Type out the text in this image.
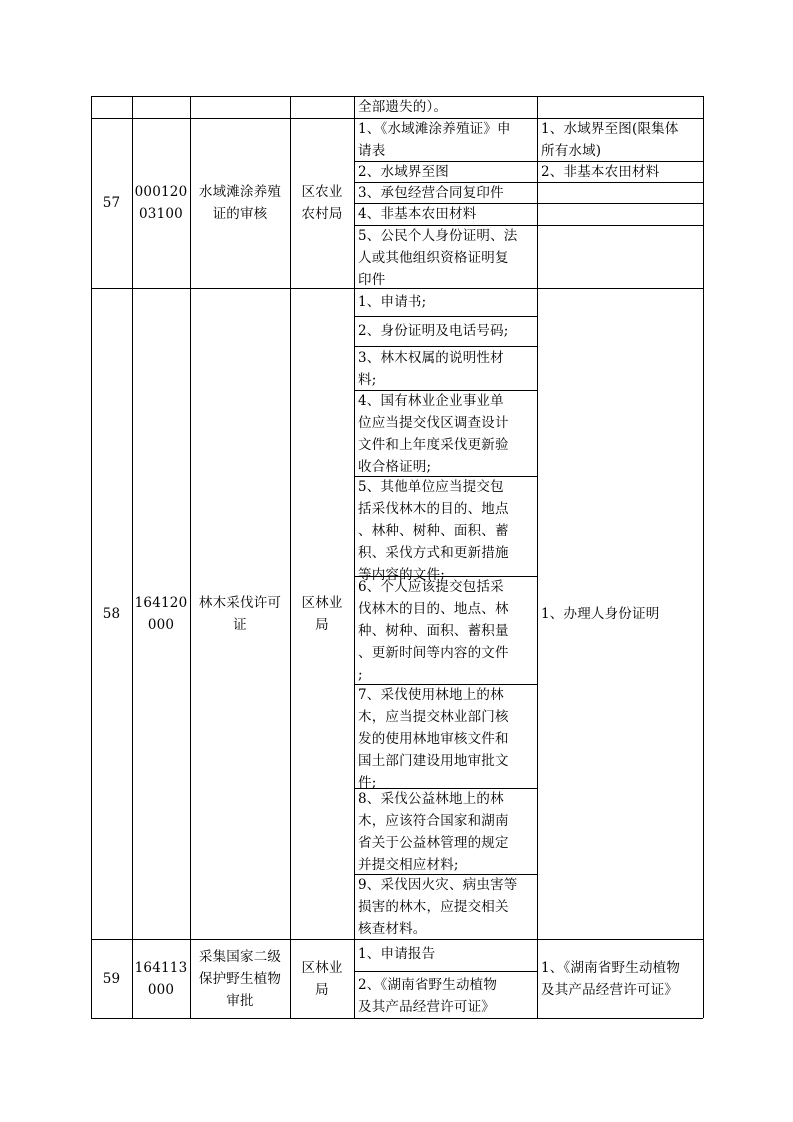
全部遗失的）。
57
000120
03100
水域滩涂养殖
证的审核
区农业
农村局
1、《水域滩涂养殖证》申
请表
2、水域界至图
3、承包经营合同复印件
4、非基本农田材料
5、公民个人身份证明、法
人或其他组织资格证明复
印件
1、水域界至图(限集体
所有水域)
2、非基本农田材料
58
164120
000
林木采伐许可
证
区林业
局
1、申请书;
2、身份证明及电话号码;
3、林木权属的说明性材
料;
4、国有林业企业事业单
位应当提交伐区调查设计
文件和上年度采伐更新验
收合格证明;
5、其他单位应当提交包
括采伐林木的目的、地点
、林种、树种、面积、蓄
积、采伐方式和更新措施
等内容的文件;
6、个人应该提交包括采
伐林木的目的、地点、林
种、树种、面积、蓄积量
、更新时间等内容的文件
;
7、采伐使用林地上的林
木，应当提交林业部门核
发的使用林地审核文件和
国土部门建设用地审批文
件;
8、采伐公益林地上的林
木，应该符合国家和湖南
省关于公益林管理的规定
并提交相应材料;
9、采伐因火灾、病虫害等
损害的林木，应提交相关
核查材料。
1、办理人身份证明
59
164113
000
采集国家二级
保护野生植物
审批
区林业
局
1、申请报告
2、《湖南省野生动植物
及其产品经营许可证》
1、《湖南省野生动植物
及其产品经营许可证》
